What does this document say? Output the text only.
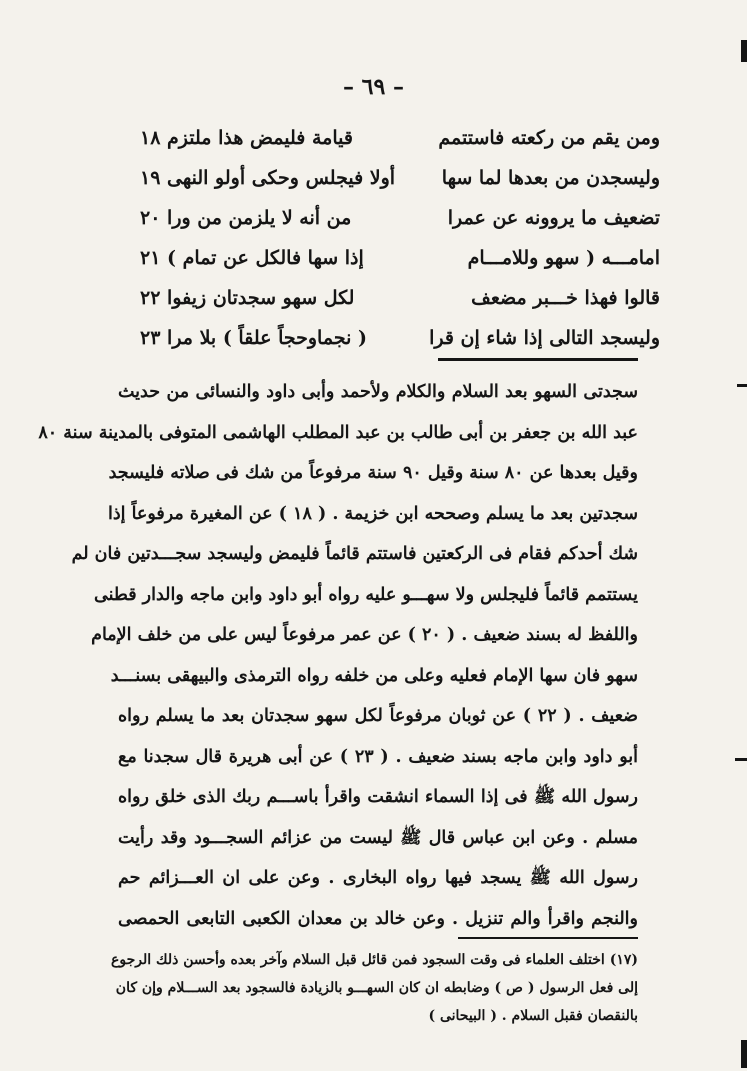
– ٦٩ –
ومن يقم من ركعته فاستتمم
قيامة فليمض هذا ملتزم ١٨
وليسجدن من بعدها لما سها
أولا فيجلس وحكى أولو النهى ١٩
تضعيف ما يروونه عن عمرا
من أنه لا يلزمن من ورا ٢٠
امامـــه ( سهو وللامـــام
إذا سها فالكل عن تمام ) ٢١
قالوا فهذا خـــبر مضعف
لكل سهو سجدتان زيفوا ٢٢
وليسجد التالى إذا شاء إن قرا
( نجماوحجاً علقاً ) بلا مرا ٢٣
سجدتى السهو بعد السلام والكلام ولأحمد وأبى داود والنسائى من حديث
عبد الله بن جعفر بن أبى طالب بن عبد المطلب الهاشمى المتوفى بالمدينة سنة ٨٠
وقيل بعدها عن ٨٠ سنة وقيل ٩٠ سنة مرفوعاً من شك فى صلاته فليسجد
سجدتين بعد ما يسلم وصححه ابن خزيمة . ( ١٨ ) عن المغيرة مرفوعاً إذا
شك أحدكم فقام فى الركعتين فاستتم قائماً فليمض وليسجد سجـــدتين فان لم
يستتمم قائماً فليجلس ولا سهـــو عليه رواه أبو داود وابن ماجه والدار قطنى
واللفظ له بسند ضعيف . ( ٢٠ ) عن عمر مرفوعاً ليس على من خلف الإمام
سهو فان سها الإمام فعليه وعلى من خلفه رواه الترمذى والبيهقى بسنـــد
ضعيف . ( ٢٢ ) عن ثوبان مرفوعاً لكل سهو سجدتان بعد ما يسلم رواه
أبو داود وابن ماجه بسند ضعيف . ( ٢٣ ) عن أبى هريرة قال سجدنا مع
رسول الله ﷺ فى إذا السماء انشقت واقرأ باســـم ربك الذى خلق رواه
مسلم . وعن ابن عباس قال ﷺ ليست من عزائم السجـــود وقد رأيت
رسول الله ﷺ يسجد فيها رواه البخارى . وعن على ان العـــزائم حم
والنجم واقرأ والم تنزيل . وعن خالد بن معدان الكعبى التابعى الحمصى
(١٧) اختلف العلماء فى وقت السجود فمن قائل قبل السلام وآخر بعده وأحسن ذلك الرجوع
إلى فعل الرسول ( ص ) وضابطه ان كان السهـــو بالزيادة فالسجود بعد الســـلام وإن كان
بالنقصان فقبل السلام . ( البيحانى )
